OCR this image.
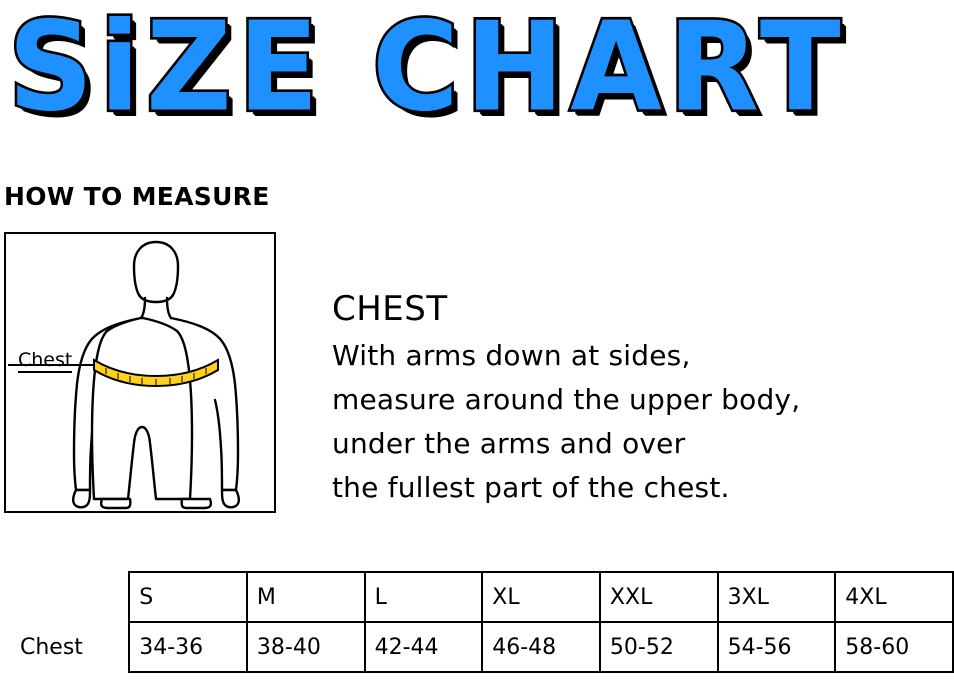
SiZE CHART
HOW TO MEASURE
Chest
CHEST
With arms down at sides,
measure around the upper body,
under the arms and over
the fullest part of the chest.
	S	M	L	XL	XXL	3XL	4XL
Chest	34-36	38-40	42-44	46-48	50-52	54-56	58-60
